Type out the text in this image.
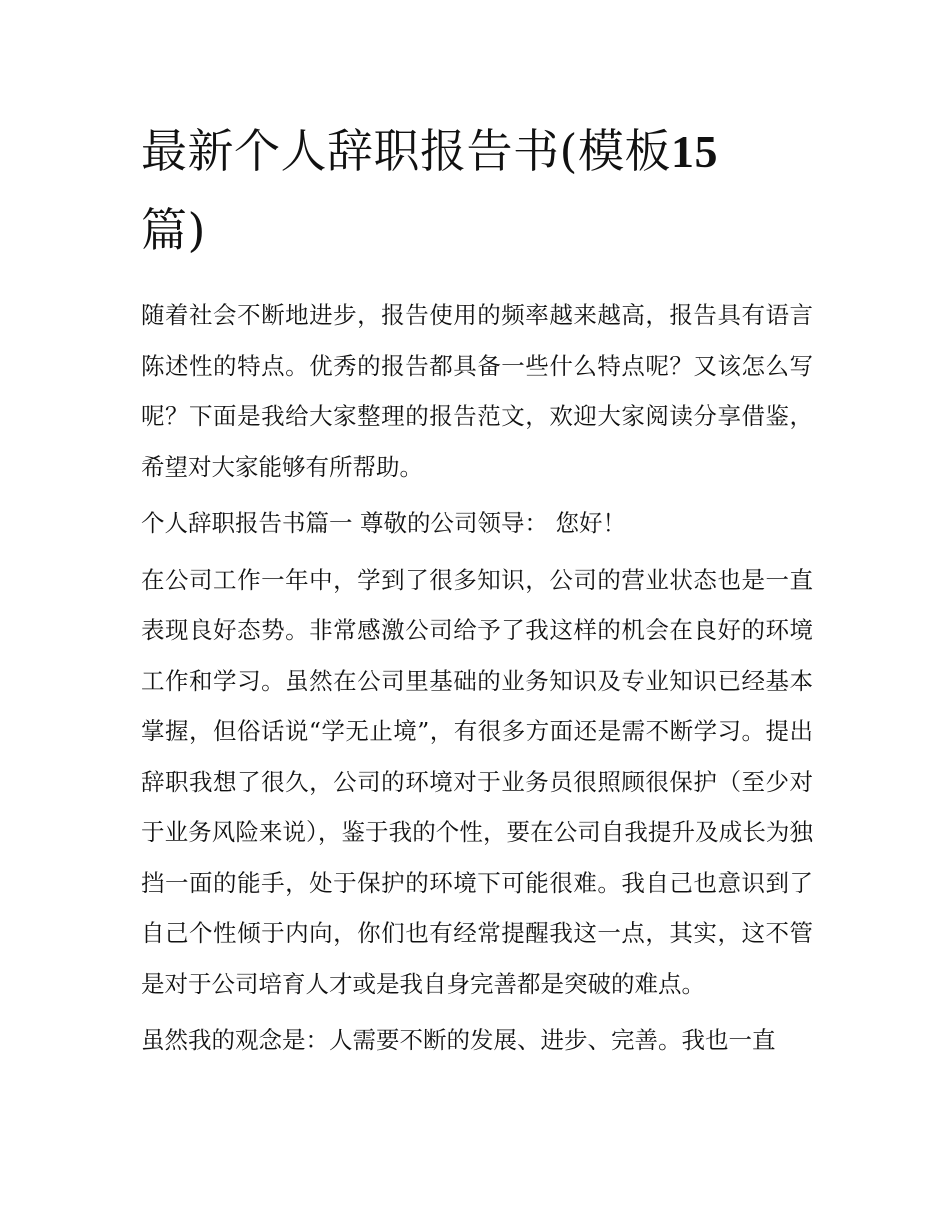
最新个人辞职报告书(模板15
篇)

随着社会不断地进步，报告使用的频率越来越高，报告具有语言陈述性的特点。优秀的报告都具备一些什么特点呢？又该怎么写呢？下面是我给大家整理的报告范文，欢迎大家阅读分享借鉴，希望对大家能够有所帮助。

个人辞职报告书篇一 尊敬的公司领导： 您好！

在公司工作一年中，学到了很多知识，公司的营业状态也是一直表现良好态势。非常感激公司给予了我这样的机会在良好的环境工作和学习。虽然在公司里基础的业务知识及专业知识已经基本掌握，但俗话说“学无止境”，有很多方面还是需不断学习。提出辞职我想了很久，公司的环境对于业务员很照顾很保护（至少对于业务风险来说），鉴于我的个性，要在公司自我提升及成长为独挡一面的能手，处于保护的环境下可能很难。我自己也意识到了自己个性倾于内向，你们也有经常提醒我这一点，其实，这不管是对于公司培育人才或是我自身完善都是突破的难点。

虽然我的观念是：人需要不断的发展、进步、完善。我也一直
